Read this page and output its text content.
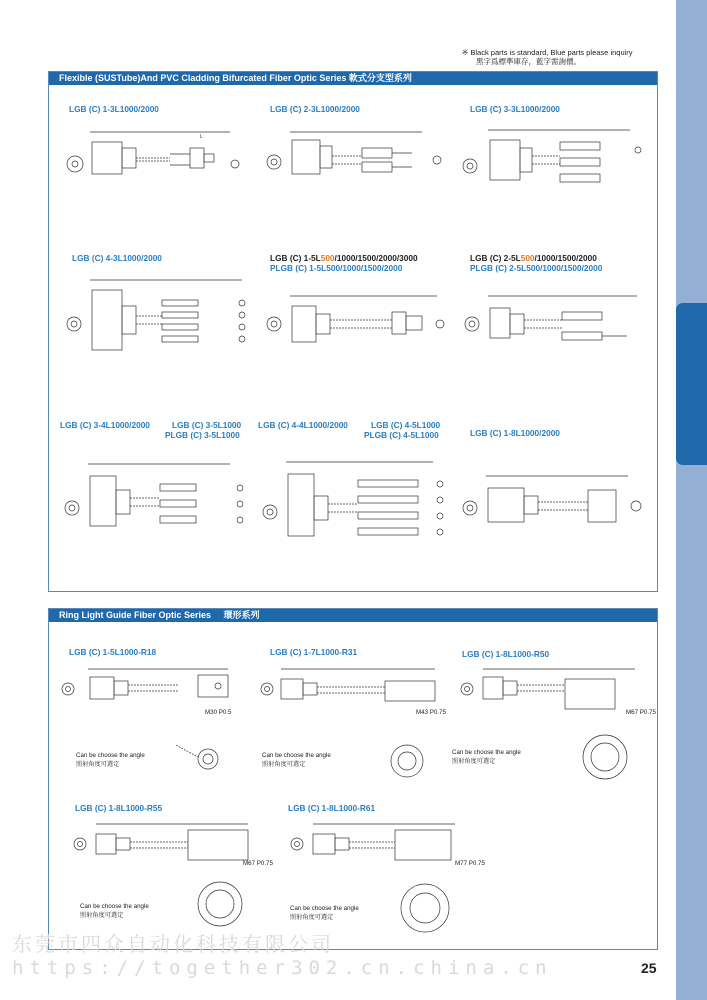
※ Black parts is standard, Blue parts please inquiry
黑字爲標準庫存，藍字需詢價。
Flexible (SUSTube)And PVC Cladding Bifurcated Fiber Optic Series 軟式分支型系列
LGB (C) 1-3L1000/2000	LGB (C) 2-3L1000/2000	LGB (C) 3-3L1000/2000
LGB (C) 4-3L1000/2000	LGB (C) 1-5L500/1000/1500/2000/3000
PLGB (C) 1-5L500/1000/1500/2000
LGB (C) 2-5L500/1000/1500/2000
PLGB (C) 2-5L500/1000/1500/2000
LGB (C) 3-4L1000/2000	LGB (C) 3-5L1000
PLGB (C) 3-5L1000
LGB (C) 4-4L1000/2000	LGB (C) 4-5L1000
PLGB (C) 4-5L1000	LGB (C) 1-8L1000/2000
L
Ring Light Guide Fiber Optic Series 環形系列
LGB (C) 1-5L1000-R18	LGB (C) 1-7L1000-R31	LGB (C) 1-8L1000-R50
LGB (C) 1-8L1000-R55	LGB (C) 1-8L1000-R61
M30 P0.5
Can be choose the angle
照射角度可選定
M43 P0.75
Can be choose the angle
照射角度可選定
M67 P0.75
Can be choose the angle
照射角度可選定
M67 P0.75
Can be choose the angle
照射角度可選定
M77 P0.75
Can be choose the angle
照射角度可選定
东莞市四众自动化科技有限公司
https://together302.cn.china.cn	25
